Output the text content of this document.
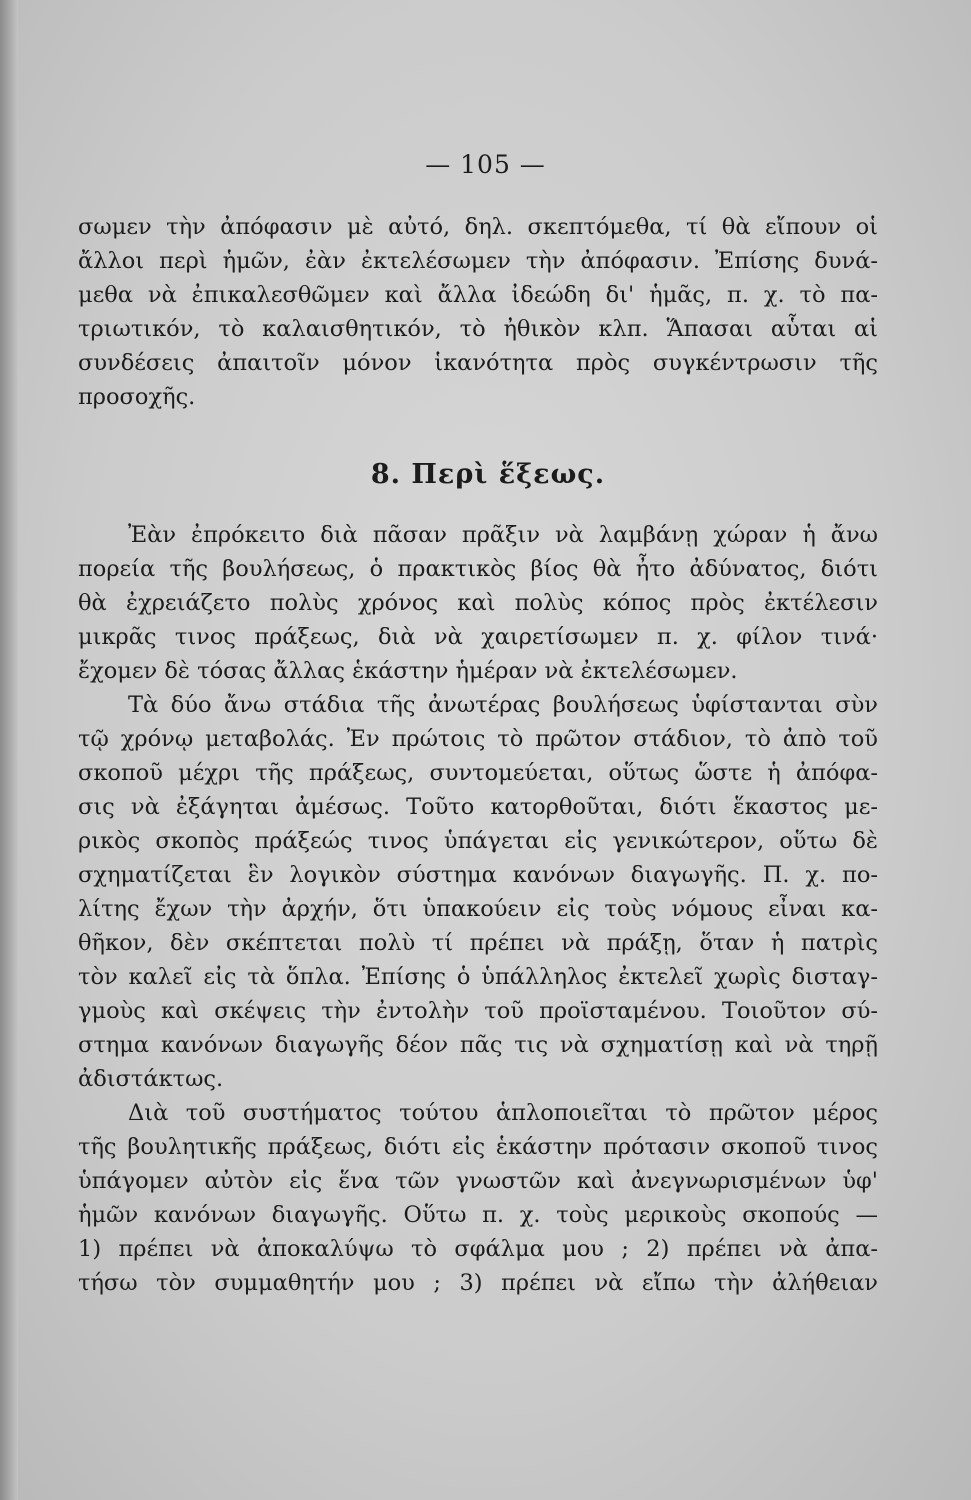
— 105 —
σωμεν τὴν ἀπόφασιν μὲ αὐτό, δηλ. σκεπτόμεθα, τί θὰ εἴπουν οἱ
ἄλλοι περὶ ἡμῶν, ἐὰν ἐκτελέσωμεν τὴν ἀπόφασιν. Ἐπίσης δυνά-
μεθα νὰ ἐπικαλεσθῶμεν καὶ ἄλλα ἰδεώδη δι' ἡμᾶς, π. χ. τὸ πα-
τριωτικόν, τὸ καλαισθητικόν, τὸ ἠθικὸν κλπ. Ἅπασαι αὗται αἱ
συνδέσεις ἀπαιτοῖν μόνον ἱκανότητα πρὸς συγκέντρωσιν τῆς
προσοχῆς.
8. Περὶ ἕξεως.
Ἐὰν ἐπρόκειτο διὰ πᾶσαν πρᾶξιν νὰ λαμβάνῃ χώραν ἡ ἄνω
πορεία τῆς βουλήσεως, ὁ πρακτικὸς βίος θὰ ἦτο ἀδύνατος, διότι
θὰ ἐχρειάζετο πολὺς χρόνος καὶ πολὺς κόπος πρὸς ἐκτέλεσιν
μικρᾶς τινος πράξεως, διὰ νὰ χαιρετίσωμεν π. χ. φίλον τινά·
ἔχομεν δὲ τόσας ἄλλας ἑκάστην ἡμέραν νὰ ἐκτελέσωμεν.
Τὰ δύο ἄνω στάδια τῆς ἀνωτέρας βουλήσεως ὑφίστανται σὺν
τῷ χρόνῳ μεταβολάς. Ἐν πρώτοις τὸ πρῶτον στάδιον, τὸ ἀπὸ τοῦ
σκοποῦ μέχρι τῆς πράξεως, συντομεύεται, οὕτως ὥστε ἡ ἀπόφα-
σις νὰ ἐξάγηται ἀμέσως. Τοῦτο κατορθοῦται, διότι ἕκαστος με-
ρικὸς σκοπὸς πράξεώς τινος ὑπάγεται εἰς γενικώτερον, οὕτω δὲ
σχηματίζεται ἓν λογικὸν σύστημα κανόνων διαγωγῆς. Π. χ. πο-
λίτης ἔχων τὴν ἀρχήν, ὅτι ὑπακούειν εἰς τοὺς νόμους εἶναι κα-
θῆκον, δὲν σκέπτεται πολὺ τί πρέπει νὰ πράξῃ, ὅταν ἡ πατρὶς
τὸν καλεῖ εἰς τὰ ὅπλα. Ἐπίσης ὁ ὑπάλληλος ἐκτελεῖ χωρὶς δισταγ-
γμοὺς καὶ σκέψεις τὴν ἐντολὴν τοῦ προϊσταμένου. Τοιοῦτον σύ-
στημα κανόνων διαγωγῆς δέον πᾶς τις νὰ σχηματίσῃ καὶ νὰ τηρῇ
ἀδιστάκτως.
Διὰ τοῦ συστήματος τούτου ἁπλοποιεῖται τὸ πρῶτον μέρος
τῆς βουλητικῆς πράξεως, διότι εἰς ἑκάστην πρότασιν σκοποῦ τινος
ὑπάγομεν αὐτὸν εἰς ἕνα τῶν γνωστῶν καὶ ἀνεγνωρισμένων ὑφ'
ἡμῶν κανόνων διαγωγῆς. Οὕτω π. χ. τοὺς μερικοὺς σκοπούς —
1) πρέπει νὰ ἀποκαλύψω τὸ σφάλμα μου ; 2) πρέπει νὰ ἀπα-
τήσω τὸν συμμαθητήν μου ; 3) πρέπει νὰ εἴπω τὴν ἀλήθειαν
